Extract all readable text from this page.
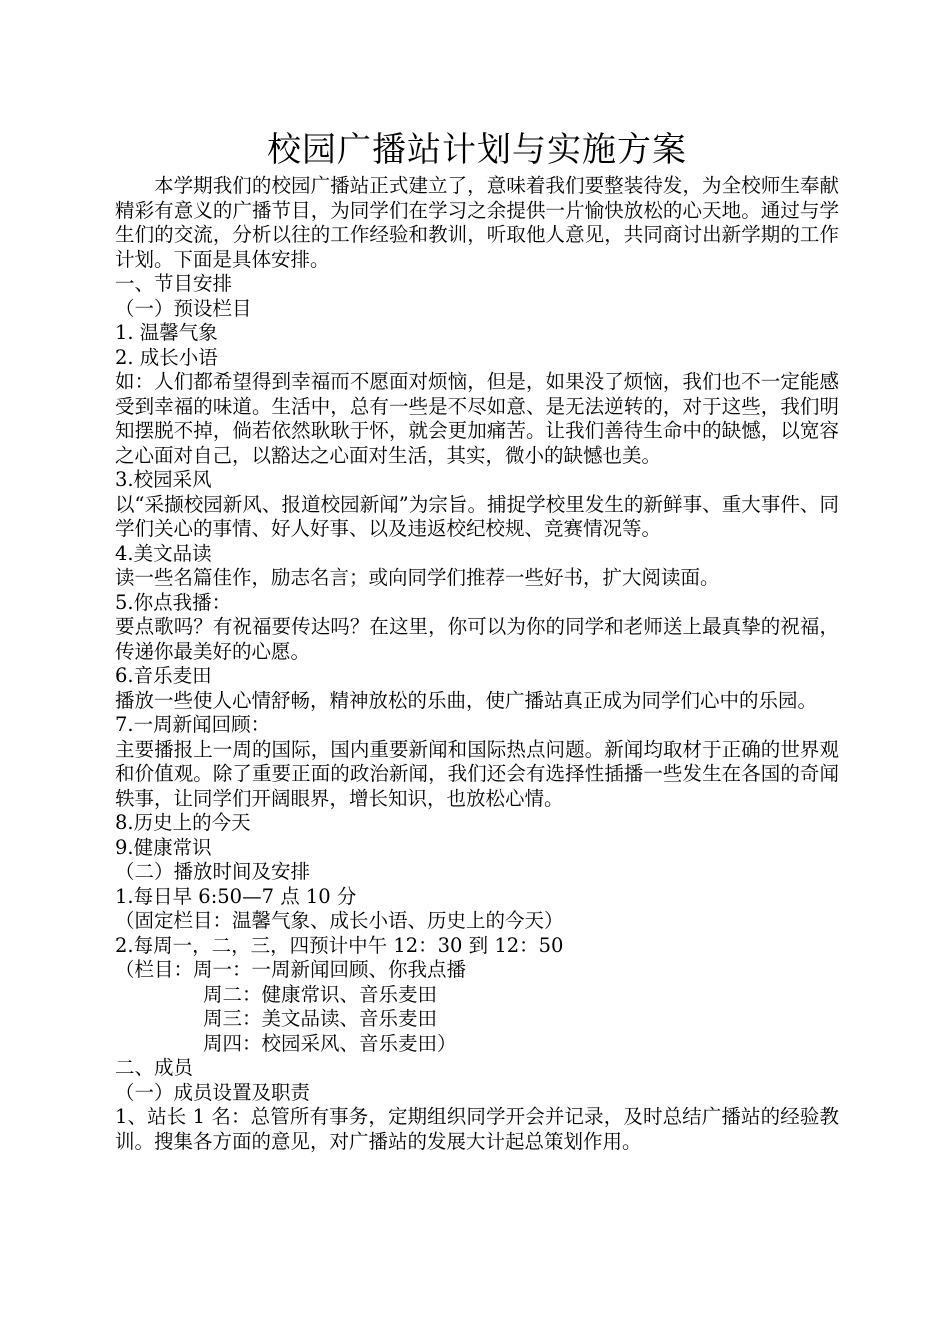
校园广播站计划与实施方案
本学期我们的校园广播站正式建立了，意味着我们要整装待发，为全校师生奉献精彩有意义的广播节目，为同学们在学习之余提供一片愉快放松的心天地。通过与学生们的交流，分析以往的工作经验和教训，听取他人意见，共同商讨出新学期的工作计划。下面是具体安排。
一、节目安排
（一）预设栏目
1. 温馨气象
2. 成长小语
如：人们都希望得到幸福而不愿面对烦恼，但是，如果没了烦恼，我们也不一定能感受到幸福的味道。生活中，总有一些是不尽如意、是无法逆转的，对于这些，我们明知摆脱不掉，倘若依然耿耿于怀，就会更加痛苦。让我们善待生命中的缺憾，以宽容之心面对自己，以豁达之心面对生活，其实，微小的缺憾也美。
3.校园采风
以“采撷校园新风、报道校园新闻”为宗旨。捕捉学校里发生的新鲜事、重大事件、同学们关心的事情、好人好事、以及违返校纪校规、竞赛情况等。
4.美文品读
读一些名篇佳作，励志名言；或向同学们推荐一些好书，扩大阅读面。
5.你点我播：
要点歌吗？有祝福要传达吗？在这里，你可以为你的同学和老师送上最真挚的祝福，传递你最美好的心愿。
6.音乐麦田
播放一些使人心情舒畅，精神放松的乐曲，使广播站真正成为同学们心中的乐园。
7.一周新闻回顾：
主要播报上一周的国际，国内重要新闻和国际热点问题。新闻均取材于正确的世界观和价值观。除了重要正面的政治新闻，我们还会有选择性插播一些发生在各国的奇闻轶事，让同学们开阔眼界，增长知识，也放松心情。
8.历史上的今天
9.健康常识
（二）播放时间及安排
1.每日早 6:50—7 点 10 分
（固定栏目：温馨气象、成长小语、历史上的今天）
2.每周一，二，三，四预计中午 12：30 到 12：50
（栏目：周一：一周新闻回顾、你我点播
周二：健康常识、音乐麦田
周三：美文品读、音乐麦田
周四：校园采风、音乐麦田）
二、成员
（一）成员设置及职责
1、站长 1 名：总管所有事务，定期组织同学开会并记录，及时总结广播站的经验教训。搜集各方面的意见，对广播站的发展大计起总策划作用。
